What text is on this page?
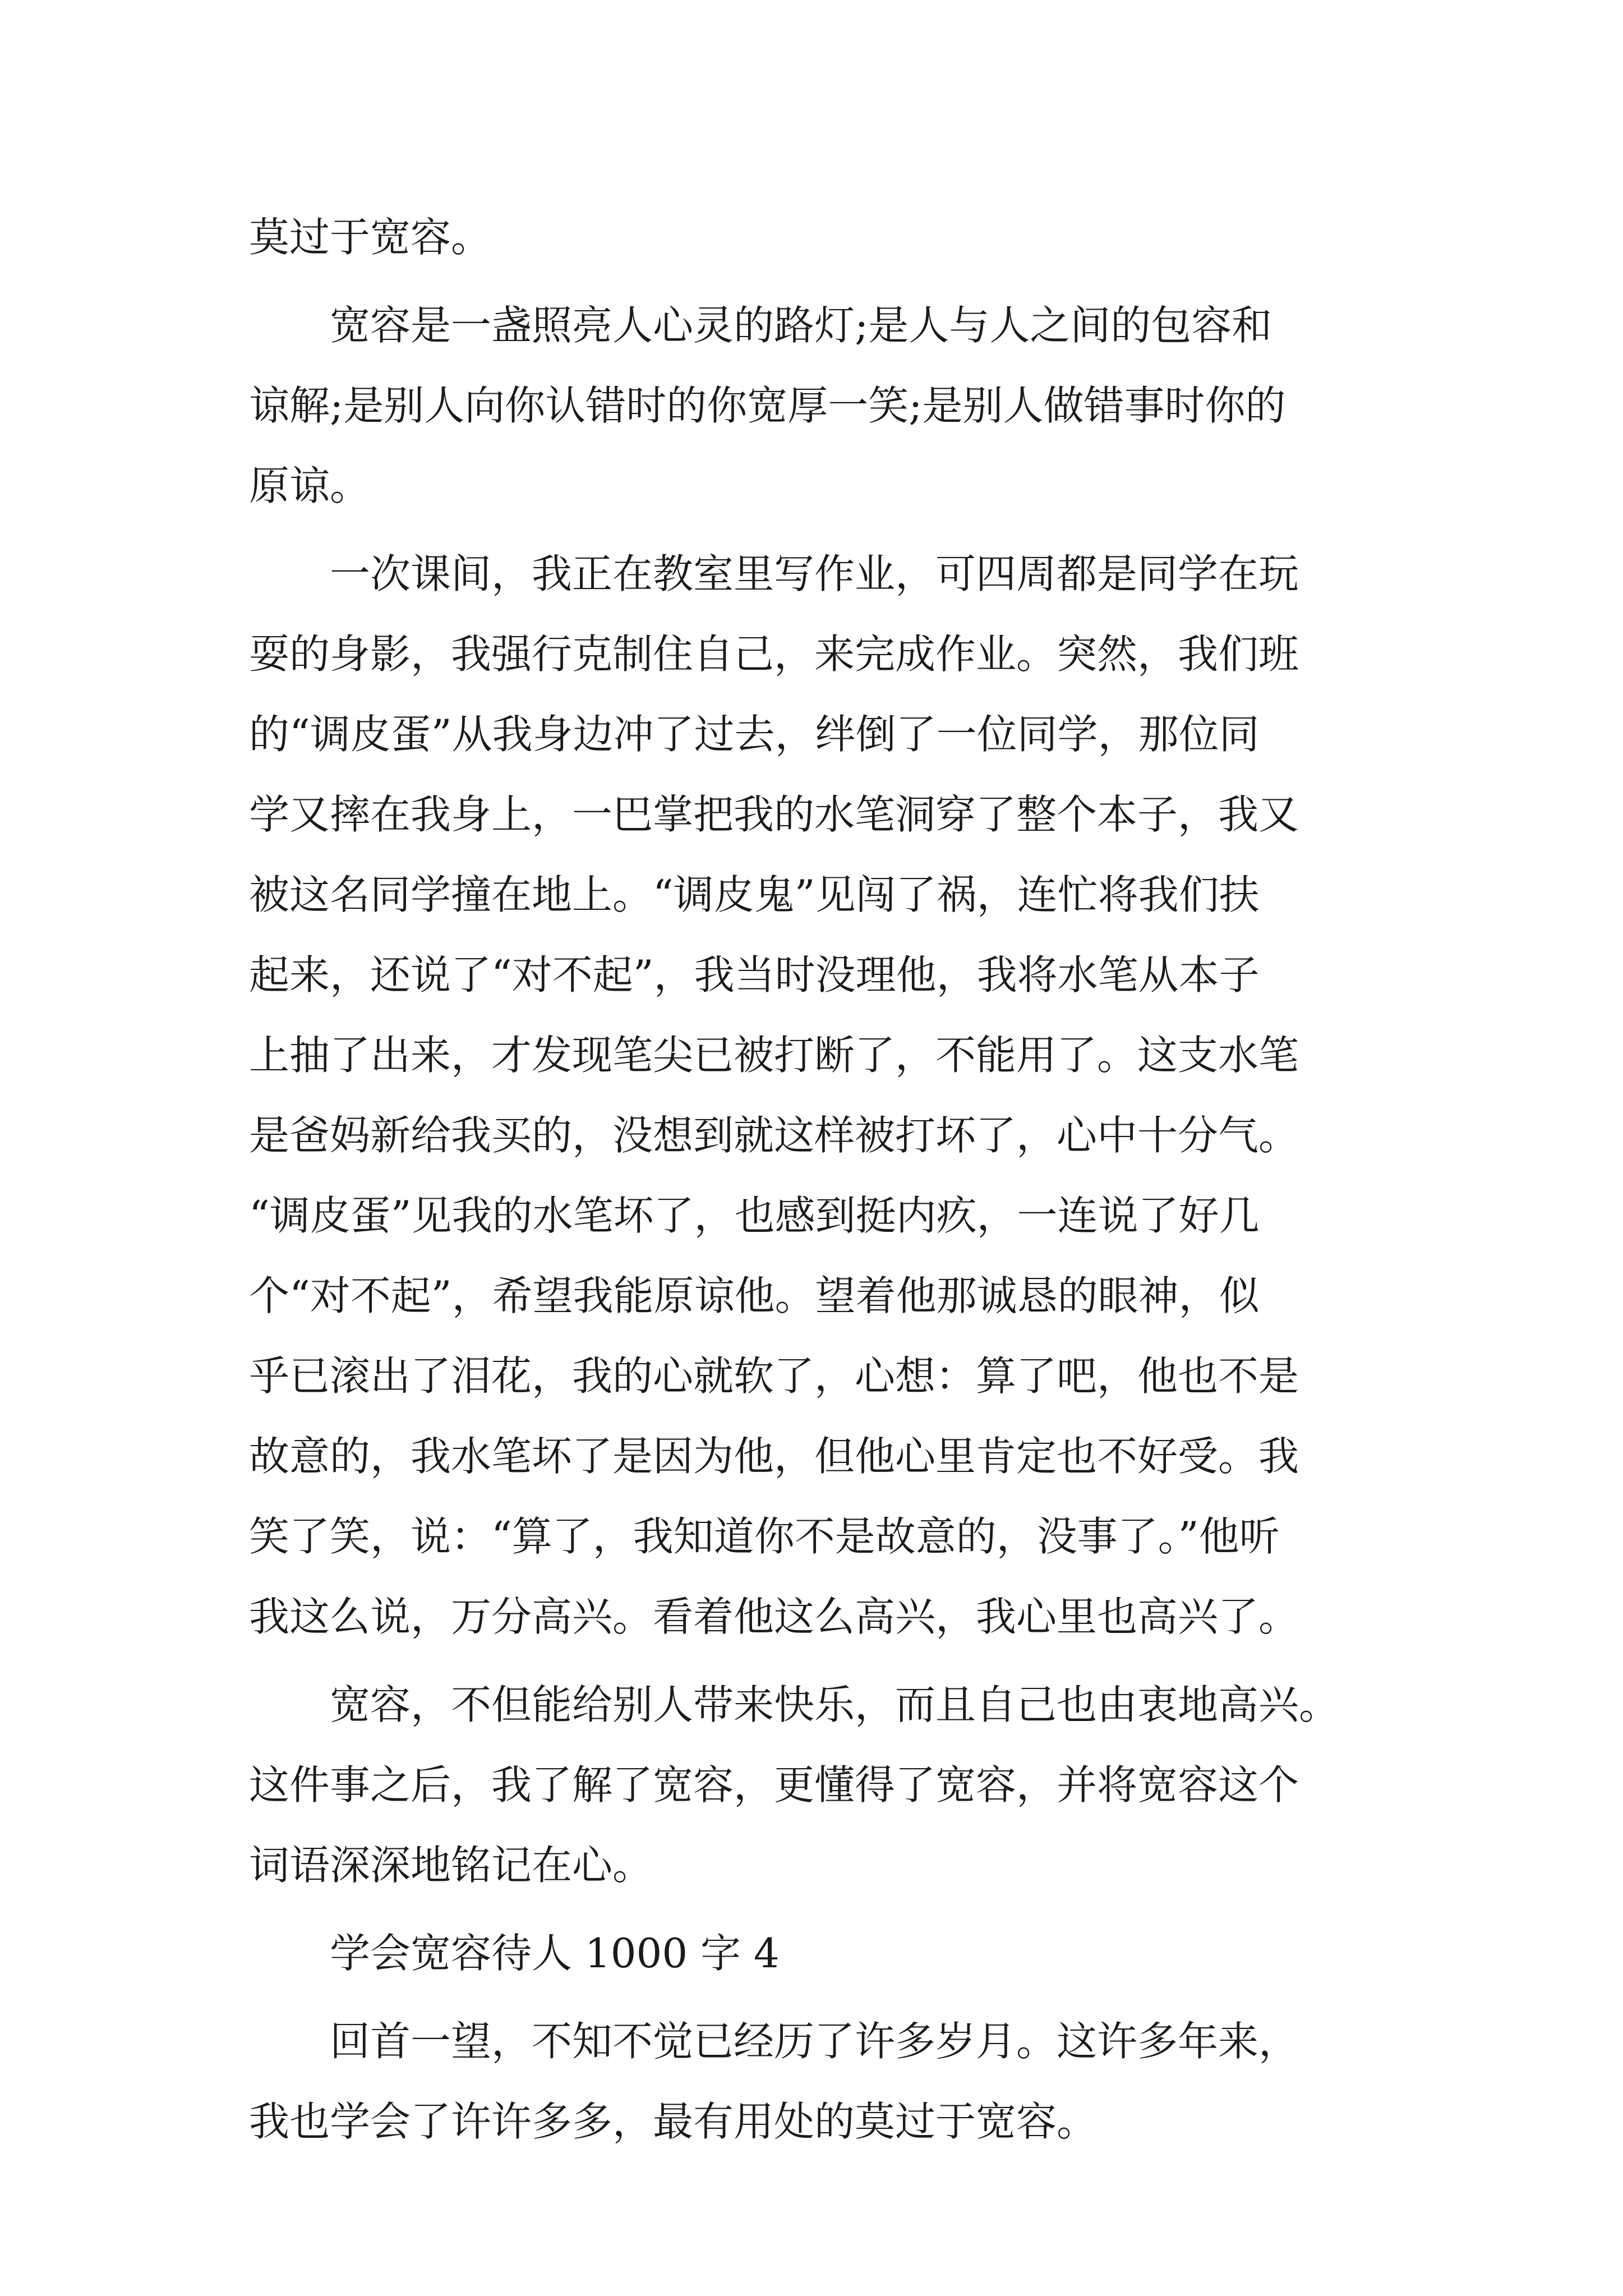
莫过于宽容。
宽容是一盏照亮人心灵的路灯;是人与人之间的包容和
谅解;是别人向你认错时的你宽厚一笑;是别人做错事时你的
原谅。
一次课间，我正在教室里写作业，可四周都是同学在玩
耍的身影，我强行克制住自己，来完成作业。突然，我们班
的“调皮蛋”从我身边冲了过去，绊倒了一位同学，那位同
学又摔在我身上，一巴掌把我的水笔洞穿了整个本子，我又
被这名同学撞在地上。“调皮鬼”见闯了祸，连忙将我们扶
起来，还说了“对不起”，我当时没理他，我将水笔从本子
上抽了出来，才发现笔尖已被打断了，不能用了。这支水笔
是爸妈新给我买的，没想到就这样被打坏了，心中十分气。
“调皮蛋”见我的水笔坏了，也感到挺内疚，一连说了好几
个“对不起”，希望我能原谅他。望着他那诚恳的眼神，似
乎已滚出了泪花，我的心就软了，心想：算了吧，他也不是
故意的，我水笔坏了是因为他，但他心里肯定也不好受。我
笑了笑，说：“算了，我知道你不是故意的，没事了。”他听
我这么说，万分高兴。看着他这么高兴，我心里也高兴了。
宽容，不但能给别人带来快乐，而且自己也由衷地高兴。
这件事之后，我了解了宽容，更懂得了宽容，并将宽容这个
词语深深地铭记在心。
学会宽容待人 1000 字 4
回首一望，不知不觉已经历了许多岁月。这许多年来，
我也学会了许许多多，最有用处的莫过于宽容。
